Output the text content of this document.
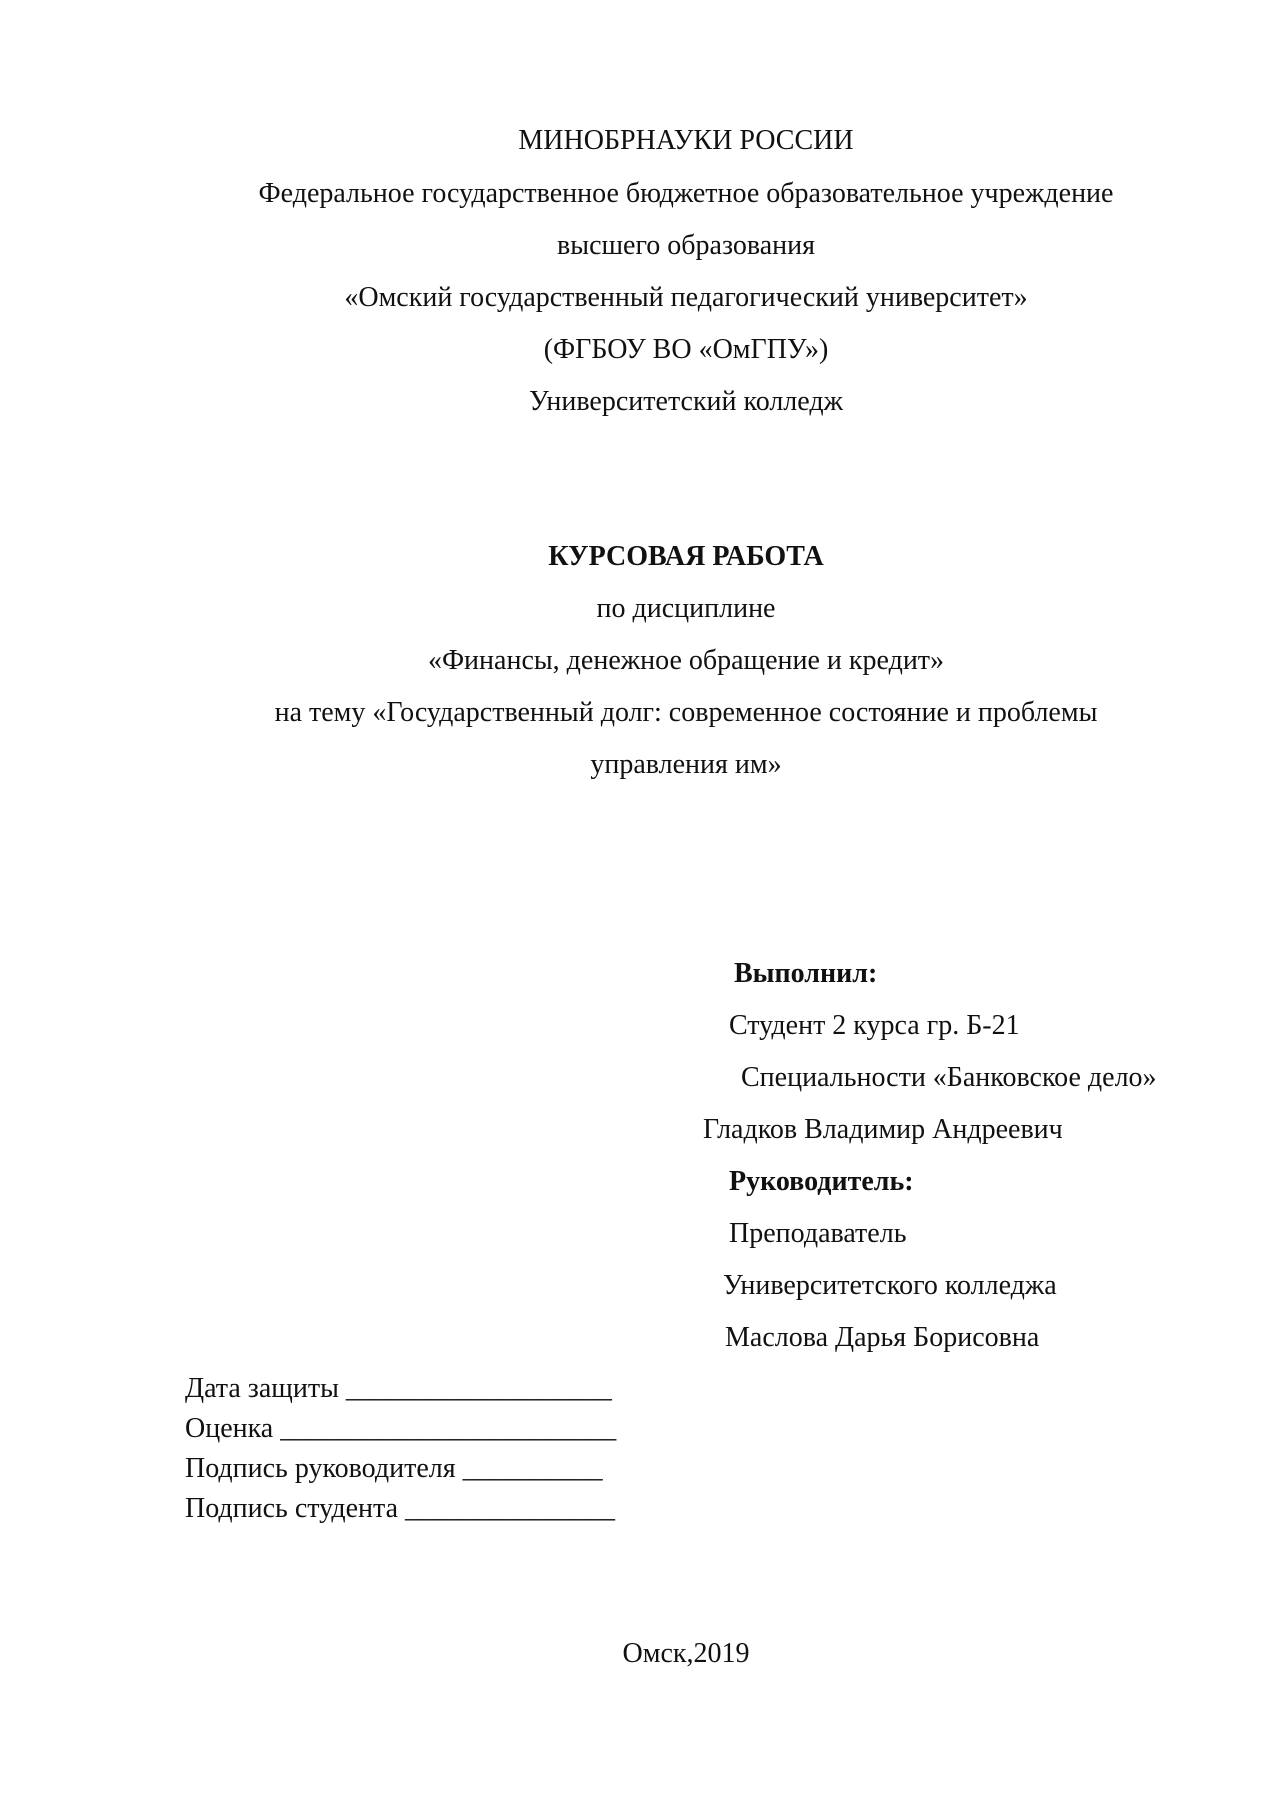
МИНОБРНАУКИ РОССИИ
Федеральное государственное бюджетное образовательное учреждение
высшего образования
«Омский государственный педагогический университет»
(ФГБОУ ВО «ОмГПУ»)
Университетский колледж
КУРСОВАЯ РАБОТА
по дисциплине
«Финансы, денежное обращение и кредит»
на тему «Государственный долг: современное состояние и проблемы
управления им»
Выполнил:
Студент 2 курса гр. Б-21
Специальности «Банковское дело»
Гладков Владимир Андреевич
Руководитель:
Преподаватель
Университетского колледжа
Маслова Дарья Борисовна
Дата защиты ___________________
Оценка ________________________
Подпись руководителя __________
Подпись студента _______________
Омск,2019
